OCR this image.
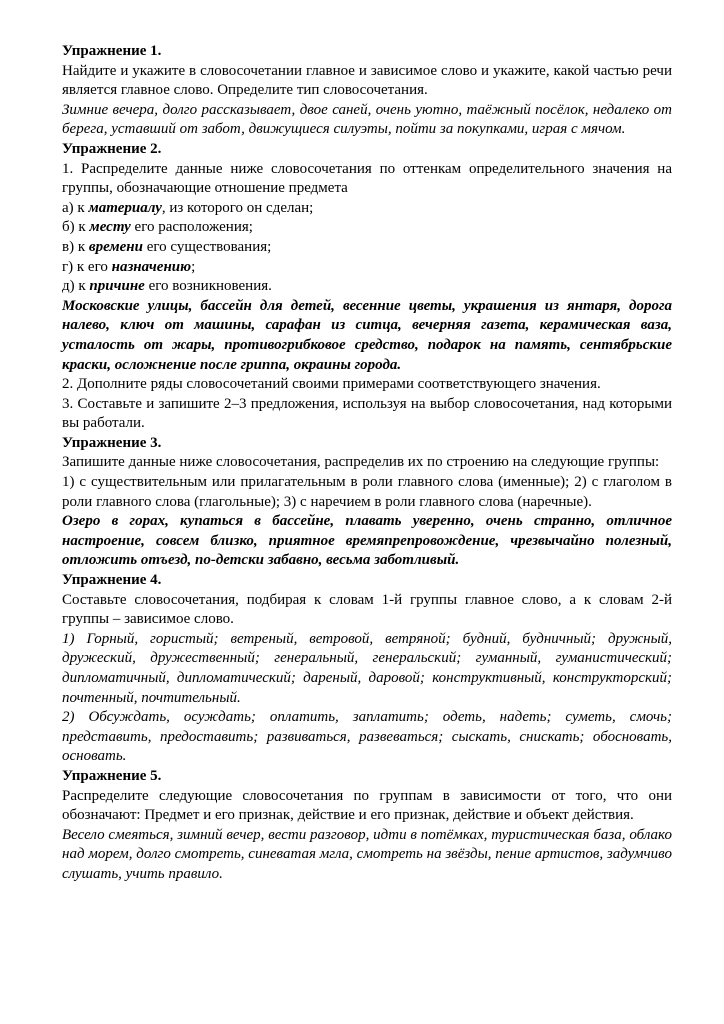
Упражнение 1.

Найдите и укажите в словосочетании главное и зависимое слово и укажите, какой частью речи является главное слово. Определите тип словосочетания.

Зимние вечера, долго рассказывает, двое саней, очень уютно, таёжный посёлок, недалеко от берега, уставший от забот, движущиеся силуэты, пойти за покупками, играя с мячом.

Упражнение 2.

1. Распределите данные ниже словосочетания по оттенкам определительного значения на группы, обозначающие отношение предмета

а) к материалу, из которого он сделан;

б) к месту его расположения;

в) к времени его существования;

г) к его назначению;

д) к причине его возникновения.

Московские улицы, бассейн для детей, весенние цветы, украшения из янтаря, дорога налево, ключ от машины, сарафан из ситца, вечерняя газета, керамическая ваза, усталость от жары, противогрибковое средство, подарок на память, сентябрьские краски, осложнение после гриппа, окраины города.

2. Дополните ряды словосочетаний своими примерами соответствующего значения.

3. Составьте и запишите 2–3 предложения, используя на выбор словосочетания, над которыми вы работали.

Упражнение 3.

Запишите данные ниже словосочетания, распределив их по строению на следующие группы:

1) с существительным или прилагательным в роли главного слова (именные); 2) с глаголом в роли главного слова (глагольные); 3) с наречием в роли главного слова (наречные).

Озеро в горах, купаться в бассейне, плавать уверенно, очень странно, отличное настроение, совсем близко, приятное времяпрепровождение, чрезвычайно полезный, отложить отъезд, по-детски забавно, весьма заботливый.

Упражнение 4.

Составьте словосочетания, подбирая к словам 1-й группы главное слово, а к словам 2-й группы – зависимое слово.

1) Горный, гористый; ветреный, ветровой, ветряной; будний, будничный; дружный, дружеский, дружественный; генеральный, генеральский; гуманный, гуманистический; дипломатичный, дипломатический; дареный, даровой; конструктивный, конструкторский; почтенный, почтительный.

2) Обсуждать, осуждать; оплатить, заплатить; одеть, надеть; суметь, смочь; представить, предоставить; развиваться, развеваться; сыскать, снискать; обосновать, основать.

Упражнение 5.

Распределите следующие словосочетания по группам в зависимости от того, что они обозначают: Предмет и его признак, действие и его признак, действие и объект действия.

Весело смеяться, зимний вечер, вести разговор, идти в потёмках, туристическая база, облако над морем, долго смотреть, синеватая мгла, смотреть на звёзды, пение артистов, задумчиво слушать, учить правило.
